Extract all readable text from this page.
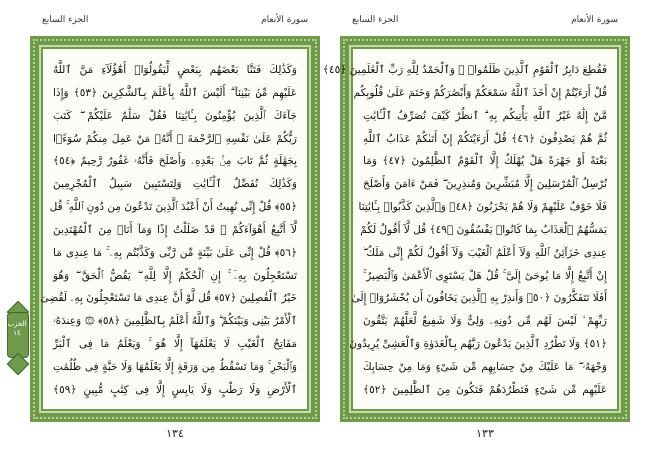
الجزء السابع	سورة الأنعام
وَكَذَٰلِكَ فَتَنَّا بَعْضَهُم بِبَعْضٍ لِّيَقُولُوٓا۟ أَهَٰٓؤُلَآءِ مَنَّ ٱللَّهُ
عَلَيْهِم مِّنۢ بَيْنِنَآ ۗ أَلَيْسَ ٱللَّهُ بِأَعْلَمَ بِٱلشَّٰكِرِينَ ﴿٥٣﴾ وَإِذَا
جَآءَكَ ٱلَّذِينَ يُؤْمِنُونَ بِـَٔايَٰتِنَا فَقُلْ سَلَٰمٌ عَلَيْكُمْ ۖ كَتَبَ
رَبُّكُمْ عَلَىٰ نَفْسِهِ ٱلرَّحْمَةَ ۖ أَنَّهُۥ مَنْ عَمِلَ مِنكُمْ سُوٓءًۢا
بِجَهَٰلَةٍ ثُمَّ تَابَ مِنۢ بَعْدِهِۦ وَأَصْلَحَ فَأَنَّهُۥ غَفُورٌ رَّحِيمٌ ﴿٥٤﴾
وَكَذَٰلِكَ نُفَصِّلُ ٱلْـَٔايَٰتِ وَلِتَسْتَبِينَ سَبِيلُ ٱلْمُجْرِمِينَ
﴿٥٥﴾ قُلْ إِنِّى نُهِيتُ أَنْ أَعْبُدَ ٱلَّذِينَ تَدْعُونَ مِن دُونِ ٱللَّهِ ۚ قُل
لَّآ أَتَّبِعُ أَهْوَآءَكُمْ ۙ قَدْ ضَلَلْتُ إِذًا وَمَآ أَنَا۠ مِنَ ٱلْمُهْتَدِينَ
﴿٥٦﴾ قُلْ إِنِّى عَلَىٰ بَيِّنَةٍ مِّن رَّبِّى وَكَذَّبْتُم بِهِۦ ۚ مَا عِندِى مَا
تَسْتَعْجِلُونَ بِهِۦٓ ۚ إِنِ ٱلْحُكْمُ إِلَّا لِلَّهِ ۖ يَقُصُّ ٱلْحَقَّ ۖ وَهُوَ
خَيْرُ ٱلْفَٰصِلِينَ ﴿٥٧﴾ قُل لَّوْ أَنَّ عِندِى مَا تَسْتَعْجِلُونَ بِهِۦ لَقُضِىَ
ٱلْأَمْرُ بَيْنِى وَبَيْنَكُمْ ۗ وَٱللَّهُ أَعْلَمُ بِٱلظَّٰلِمِينَ ﴿٥٨﴾ ۞ وَعِندَهُۥ
مَفَاتِحُ ٱلْغَيْبِ لَا يَعْلَمُهَآ إِلَّا هُوَ ۚ وَيَعْلَمُ مَا فِى ٱلْبَرِّ
وَٱلْبَحْرِ ۚ وَمَا تَسْقُطُ مِن وَرَقَةٍ إِلَّا يَعْلَمُهَا وَلَا حَبَّةٍ فِى ظُلُمَٰتِ
ٱلْأَرْضِ وَلَا رَطْبٍ وَلَا يَابِسٍ إِلَّا فِى كِتَٰبٍ مُّبِينٍ ﴿٥٩﴾
١٣٤
الحزب ١٤
الجزء السابع	سورة الأنعام
فَقُطِعَ دَابِرُ ٱلْقَوْمِ ٱلَّذِينَ ظَلَمُوا۟ ۚ وَٱلْحَمْدُ لِلَّهِ رَبِّ ٱلْعَٰلَمِينَ ﴿٤٥﴾
قُلْ أَرَءَيْتُمْ إِنْ أَخَذَ ٱللَّهُ سَمْعَكُمْ وَأَبْصَٰرَكُمْ وَخَتَمَ عَلَىٰ قُلُوبِكُم
مَّنْ إِلَٰهٌ غَيْرُ ٱللَّهِ يَأْتِيكُم بِهِ ۗ ٱنظُرْ كَيْفَ نُصَرِّفُ ٱلْـَٔايَٰتِ
ثُمَّ هُمْ يَصْدِفُونَ ﴿٤٦﴾ قُلْ أَرَءَيْتَكُمْ إِنْ أَتَىٰكُمْ عَذَابُ ٱللَّهِ
بَغْتَةً أَوْ جَهْرَةً هَلْ يُهْلَكُ إِلَّا ٱلْقَوْمُ ٱلظَّٰلِمُونَ ﴿٤٧﴾ وَمَا
نُرْسِلُ ٱلْمُرْسَلِينَ إِلَّا مُبَشِّرِينَ وَمُنذِرِينَ ۖ فَمَنْ ءَامَنَ وَأَصْلَحَ
فَلَا خَوْفٌ عَلَيْهِمْ وَلَا هُمْ يَحْزَنُونَ ﴿٤٨﴾ وَٱلَّذِينَ كَذَّبُوا۟ بِـَٔايَٰتِنَا
يَمَسُّهُمُ ٱلْعَذَابُ بِمَا كَانُوا۟ يَفْسُقُونَ ﴿٤٩﴾ قُل لَّآ أَقُولُ لَكُمْ
عِندِى خَزَآئِنُ ٱللَّهِ وَلَآ أَعْلَمُ ٱلْغَيْبَ وَلَآ أَقُولُ لَكُمْ إِنِّى مَلَكٌ ۖ
إِنْ أَتَّبِعُ إِلَّا مَا يُوحَىٰٓ إِلَىَّ ۚ قُلْ هَلْ يَسْتَوِى ٱلْأَعْمَىٰ وَٱلْبَصِيرُ ۚ
أَفَلَا تَتَفَكَّرُونَ ﴿٥٠﴾ وَأَنذِرْ بِهِ ٱلَّذِينَ يَخَافُونَ أَن يُحْشَرُوٓا۟ إِلَىٰ
رَبِّهِمْ ۙ لَيْسَ لَهُم مِّن دُونِهِۦ وَلِىٌّ وَلَا شَفِيعٌ لَّعَلَّهُمْ يَتَّقُونَ
﴿٥١﴾ وَلَا تَطْرُدِ ٱلَّذِينَ يَدْعُونَ رَبَّهُم بِٱلْغَدَوٰةِ وَٱلْعَشِىِّ يُرِيدُونَ
وَجْهَهُۥ ۖ مَا عَلَيْكَ مِنْ حِسَابِهِم مِّن شَىْءٍ وَمَا مِنْ حِسَابِكَ
عَلَيْهِم مِّن شَىْءٍ فَتَطْرُدَهُمْ فَتَكُونَ مِنَ ٱلظَّٰلِمِينَ ﴿٥٢﴾
١٣٣
